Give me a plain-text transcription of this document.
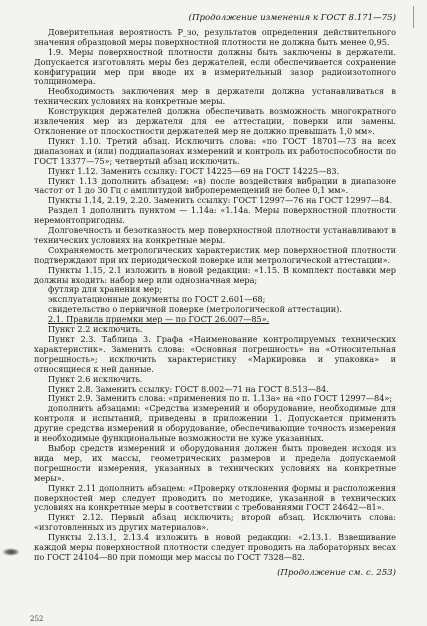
(Продолжение изменения к ГОСТ 8.171—75)

Доверительная вероятность P_зо, результатов определения действительного значения образцовой меры поверхностной плотности не должна быть менее 0,95.

1.9. Меры поверхностной плотности должны быть заключены в держатели. Допускается изготовлять меры без держателей, если обеспечивается сохранение конфигурации мер при вводе их в измерительный зазор радиоизотопного толщиномера.

Необходимость заключения мер в держатели должна устанавливаться в технических условиях на конкретные меры.

Конструкция держателей должна обеспечивать возможность многократного извлечения мер из держателя для ее аттестации, поверки или замены. Отклонение от плоскостности держателей мер не должно превышать 1,0 мм».

Пункт 1.10. Третий абзац. Исключить слова: «по ГОСТ 18701—73 на всех диапазонах и (или) поддиапазонах измерений и контроль их работоспособности по ГОСТ 13377—75»; четвертый абзац исключить.

Пункт 1.12. Заменить ссылку: ГОСТ 14225—69 на ГОСТ 14225—83.

Пункт 1.13 дополнить абзацем: «в) после воздействия вибрации в диапазоне частот от 1 до 30 Гц с амплитудой виброперемещений не более 0,1 мм».

Пункты 1.14, 2.19, 2.20. Заменить ссылку: ГОСТ 12997—76 на ГОСТ 12997—84.

Раздел 1 дополнить пунктом — 1.14а: «1.14а. Меры поверхностной плотности неремонтопригодны.

Долговечность и безотказность мер поверхностной плотности устанавливают в технических условиях на конкретные меры.

Сохраняемость метрологических характеристик мер поверхностной плотности подтверждают при их периодической поверке или метрологической аттестации».

Пункты 1.15, 2.1 изложить в новой редакции: «1.15. В комплект поставки мер должны входить: набор мер или однозначная мера;

футляр для хранения мер;

эксплуатационные документы по ГОСТ 2.601—68;

свидетельство о первичной поверке (метрологической аттестации).

2.1. Правила приемки мер — по ГОСТ 26.007—85».

Пункт 2.2 исключить.

Пункт 2.3. Таблица 3. Графа «Наименование контролируемых технических характеристик». Заменить слова: «Основная погрешность» на «Относительная погрешность»; исключить характеристику «Маркировка и упаковка» и относящиеся к ней данные.

Пункт 2.6 исключить.

Пункт 2.8. Заменить ссылку: ГОСТ 8.002—71 на ГОСТ 8.513—84.

Пункт 2.9. Заменить слова: «применения по п. 1.13а» на «по ГОСТ 12997—84»;

дополнить абзацами: «Средства измерений и оборудование, необходимые для контроля и испытаний, приведены в приложении 1. Допускается применять другие средства измерений и оборудование, обеспечивающие точность измерения и необходимые функциональные возможности не хуже указанных.

Выбор средств измерений и оборудования должен быть проведен исходя из вида мер, их массы, геометрических размеров и предела допускаемой погрешности измерения, указанных в технических условиях на конкретные меры».

Пункт 2.11 дополнить абзацем: «Проверку отклонения формы и расположения поверхностей мер следует проводить по методике, указанной в технических условиях на конкретные меры в соответствии с требованиями ГОСТ 24642—81».

Пункт 2.12. Первый абзац исключить; второй абзац. Исключить слова: «изготовленных из других материалов».

Пункты 2.13.1, 2.13.4 изложить в новой редакции: «2.13.1. Взвешивание каждой меры поверхностной плотности следует проводить на лабораторных весах по ГОСТ 24104—80 при помощи мер массы по ГОСТ 7328—82.

(Продолжение см. с. 253)
252
